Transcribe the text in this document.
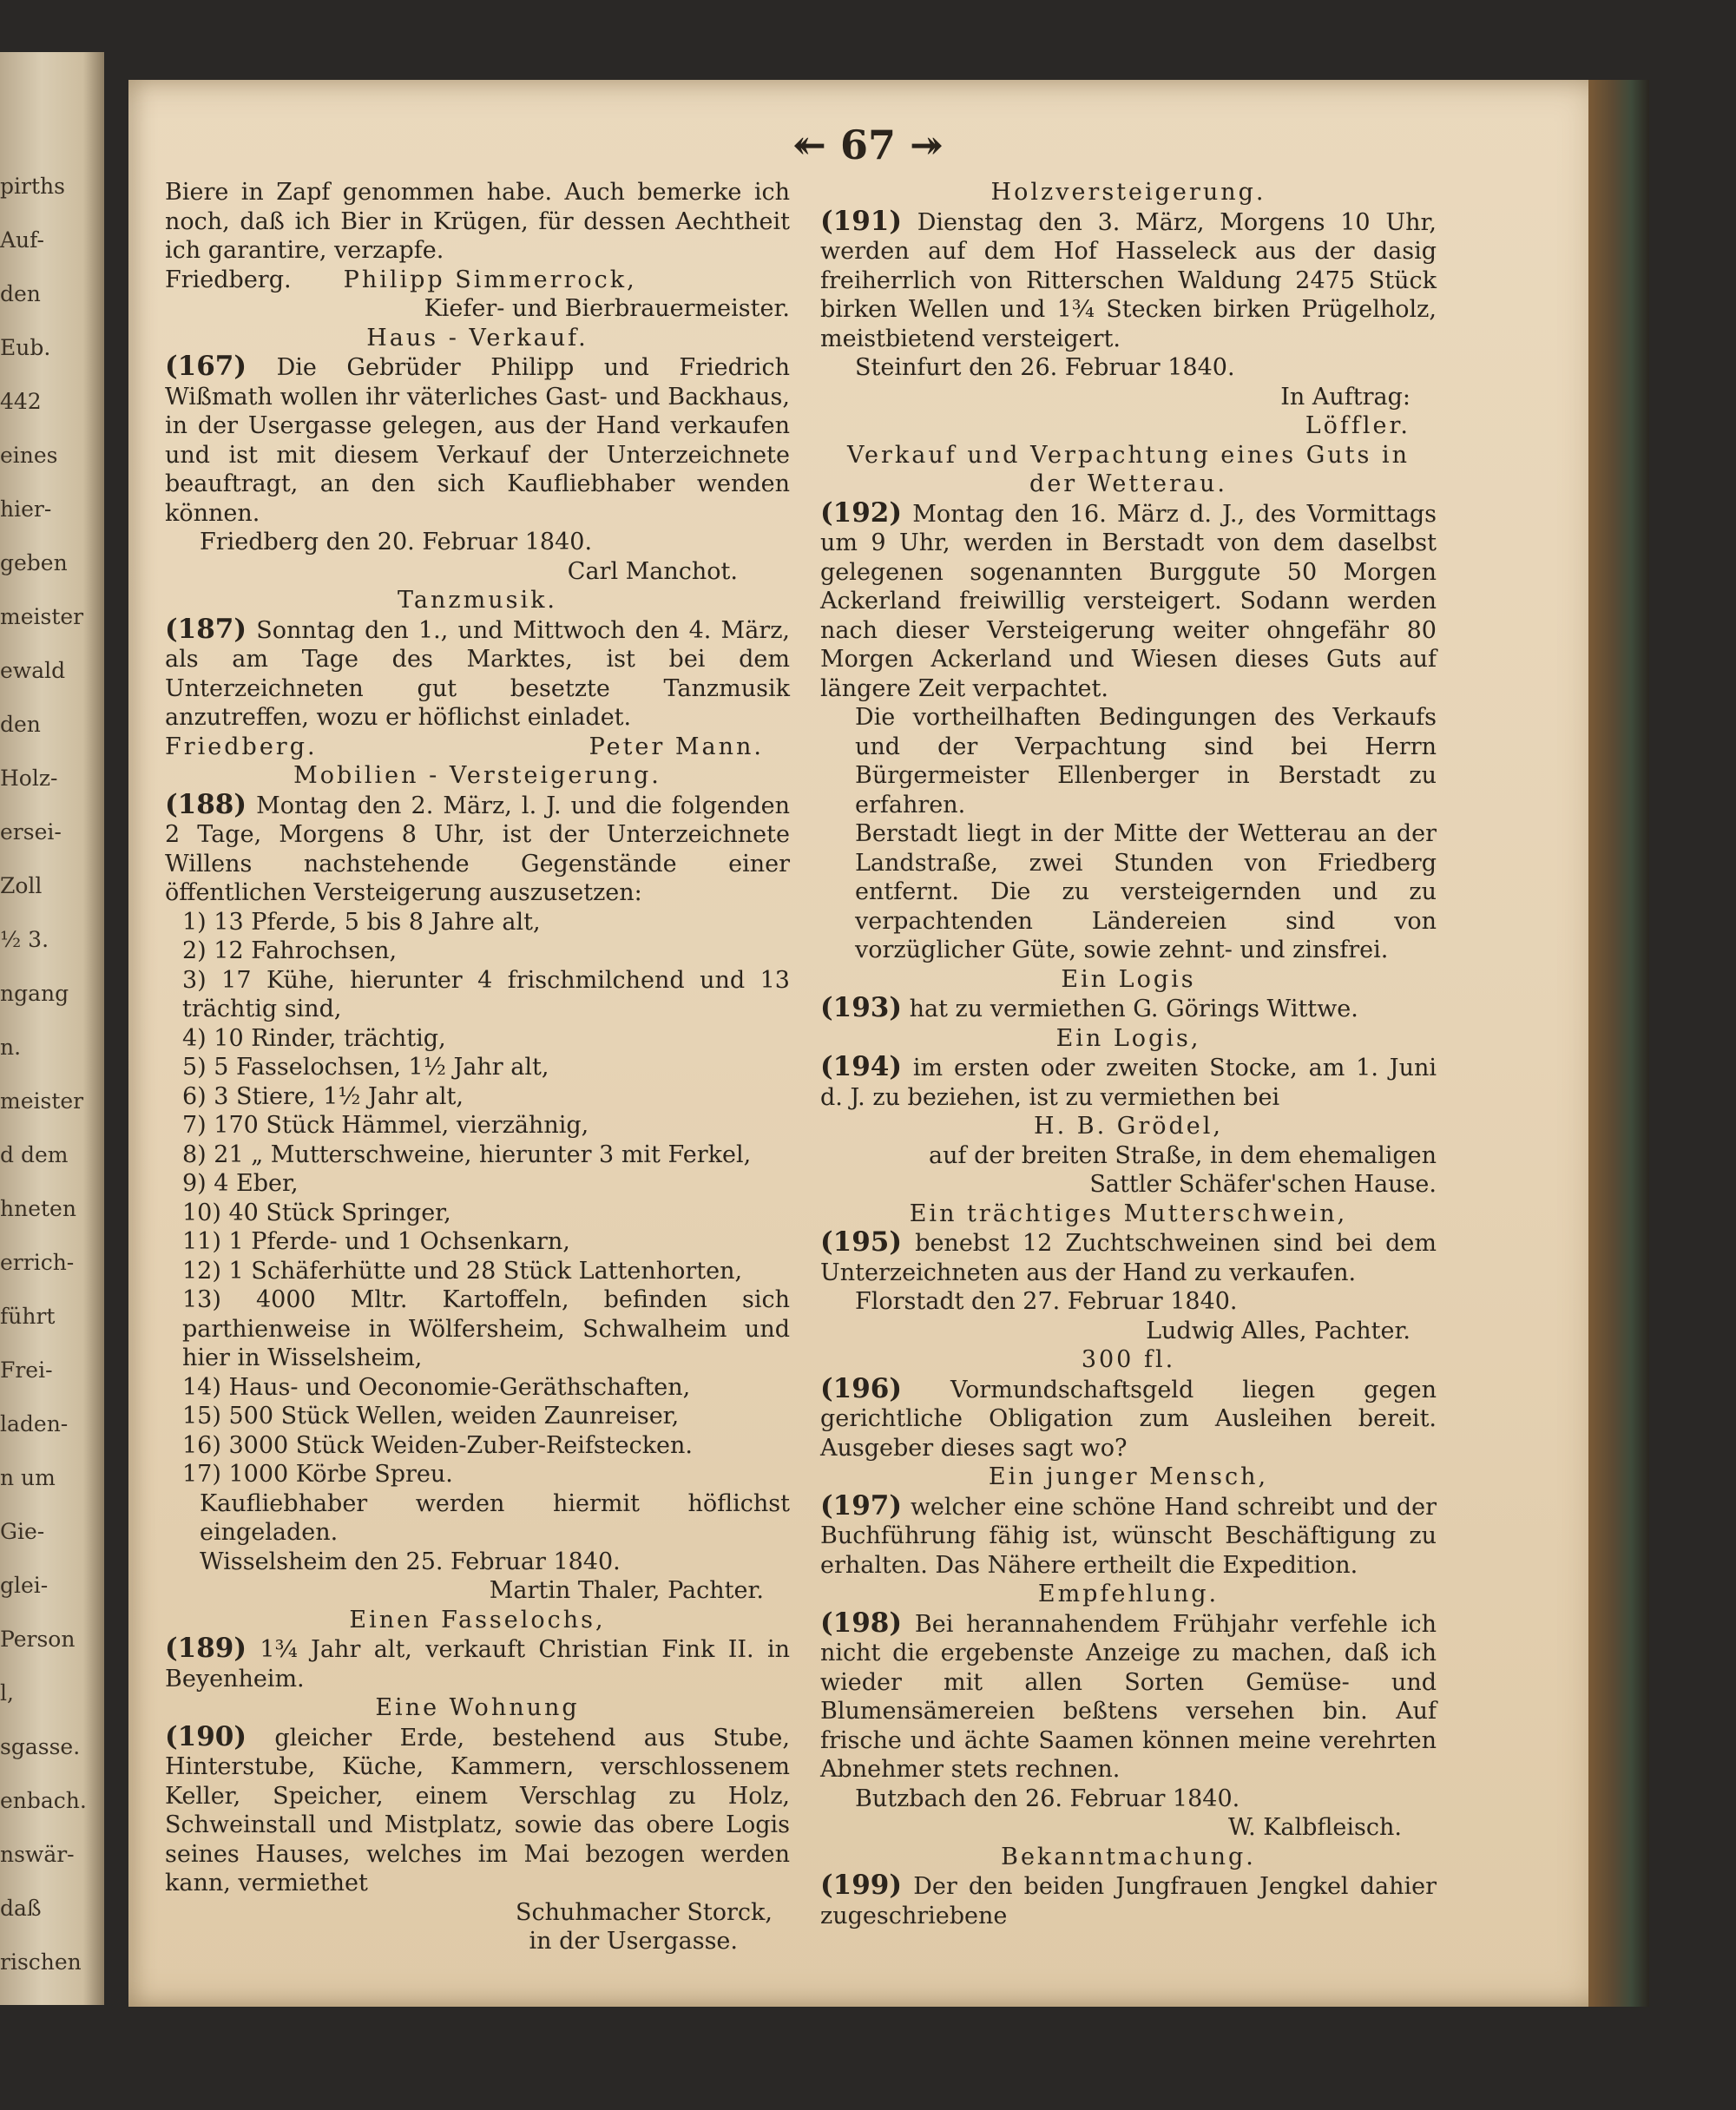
pirths
Auf-
den
Eub.
442
eines
hier-
geben
meister
ewald
den
Holz-
ersei-
Zoll
½ 3.
ngang
n.
meister
d dem
hneten
errich-
führt
Frei-
laden-
n um
Gie-
glei-
Person
l,
sgasse.
enbach.
nswär-
daß
rischen
↞ 67 ↠

Biere in Zapf genommen habe. Auch bemerke ich noch, daß ich Bier in Krügen, für dessen Aechtheit ich garantire, verzapfe.

Friedberg. Philipp Simmerrock,

Kiefer- und Bierbrauermeister.

Haus - Verkauf.

(167) Die Gebrüder Philipp und Friedrich Wißmath wollen ihr väterliches Gast- und Backhaus, in der Usergasse gelegen, aus der Hand verkaufen und ist mit diesem Verkauf der Unterzeichnete beauftragt, an den sich Kaufliebhaber wenden können.

Friedberg den 20. Februar 1840.

Carl Manchot.

Tanzmusik.

(187) Sonntag den 1., und Mittwoch den 4. März, als am Tage des Marktes, ist bei dem Unterzeichneten gut besetzte Tanzmusik anzutreffen, wozu er höflichst einladet.

Friedberg.	Peter Mann.

Mobilien - Versteigerung.

(188) Montag den 2. März, l. J. und die folgenden 2 Tage, Morgens 8 Uhr, ist der Unterzeichnete Willens nachstehende Gegenstände einer öffentlichen Versteigerung auszusetzen:

1) 13 Pferde, 5 bis 8 Jahre alt,

2) 12 Fahrochsen,

3) 17 Kühe, hierunter 4 frischmilchend und 13 trächtig sind,

4) 10 Rinder, trächtig,

5) 5 Fasselochsen, 1½ Jahr alt,

6) 3 Stiere, 1½ Jahr alt,

7) 170 Stück Hämmel, vierzähnig,

8) 21 „ Mutterschweine, hierunter 3 mit Ferkel,

9) 4 Eber,

10) 40 Stück Springer,

11) 1 Pferde- und 1 Ochsenkarn,

12) 1 Schäferhütte und 28 Stück Lattenhorten,

13) 4000 Mltr. Kartoffeln, befinden sich parthienweise in Wölfersheim, Schwalheim und hier in Wisselsheim,

14) Haus- und Oeconomie-Geräthschaften,

15) 500 Stück Wellen, weiden Zaunreiser,

16) 3000 Stück Weiden-Zuber-Reifstecken.

17) 1000 Körbe Spreu.

Kaufliebhaber werden hiermit höflichst eingeladen.

Wisselsheim den 25. Februar 1840.

Martin Thaler, Pachter.

Einen Fasselochs,

(189) 1¾ Jahr alt, verkauft Christian Fink II. in Beyenheim.

Eine Wohnung

(190) gleicher Erde, bestehend aus Stube, Hinterstube, Küche, Kammern, verschlossenem Keller, Speicher, einem Verschlag zu Holz, Schweinstall und Mistplatz, sowie das obere Logis seines Hauses, welches im Mai bezogen werden kann, vermiethet

Schuhmacher Storck,

in der Usergasse.

Holzversteigerung.

(191) Dienstag den 3. März, Morgens 10 Uhr, werden auf dem Hof Hasseleck aus der dasig freiherrlich von Ritterschen Waldung 2475 Stück birken Wellen und 1¾ Stecken birken Prügelholz, meistbietend versteigert.

Steinfurt den 26. Februar 1840.

In Auftrag:

Löffler.

Verkauf und Verpachtung eines Guts in der Wetterau.

(192) Montag den 16. März d. J., des Vormittags um 9 Uhr, werden in Berstadt von dem daselbst gelegenen sogenannten Burggute 50 Morgen Ackerland freiwillig versteigert. Sodann werden nach dieser Versteigerung weiter ohngefähr 80 Morgen Ackerland und Wiesen dieses Guts auf längere Zeit verpachtet.

Die vortheilhaften Bedingungen des Verkaufs und der Verpachtung sind bei Herrn Bürgermeister Ellenberger in Berstadt zu erfahren.

Berstadt liegt in der Mitte der Wetterau an der Landstraße, zwei Stunden von Friedberg entfernt. Die zu versteigernden und zu verpachtenden Ländereien sind von vorzüglicher Güte, sowie zehnt- und zinsfrei.

Ein Logis

(193) hat zu vermiethen G. Görings Wittwe.

Ein Logis,

(194) im ersten oder zweiten Stocke, am 1. Juni d. J. zu beziehen, ist zu vermiethen bei

H. B. Grödel,

auf der breiten Straße, in dem ehemaligen Sattler Schäfer'schen Hause.

Ein trächtiges Mutterschwein,

(195) benebst 12 Zuchtschweinen sind bei dem Unterzeichneten aus der Hand zu verkaufen.

Florstadt den 27. Februar 1840.

Ludwig Alles, Pachter.

300 fl.

(196) Vormundschaftsgeld liegen gegen gerichtliche Obligation zum Ausleihen bereit. Ausgeber dieses sagt wo?

Ein junger Mensch,

(197) welcher eine schöne Hand schreibt und der Buchführung fähig ist, wünscht Beschäftigung zu erhalten. Das Nähere ertheilt die Expedition.

Empfehlung.

(198) Bei herannahendem Frühjahr verfehle ich nicht die ergebenste Anzeige zu machen, daß ich wieder mit allen Sorten Gemüse- und Blumensämereien beßtens versehen bin. Auf frische und ächte Saamen können meine verehrten Abnehmer stets rechnen.

Butzbach den 26. Februar 1840.

W. Kalbfleisch.

Bekanntmachung.

(199) Der den beiden Jungfrauen Jengkel dahier zugeschriebene
